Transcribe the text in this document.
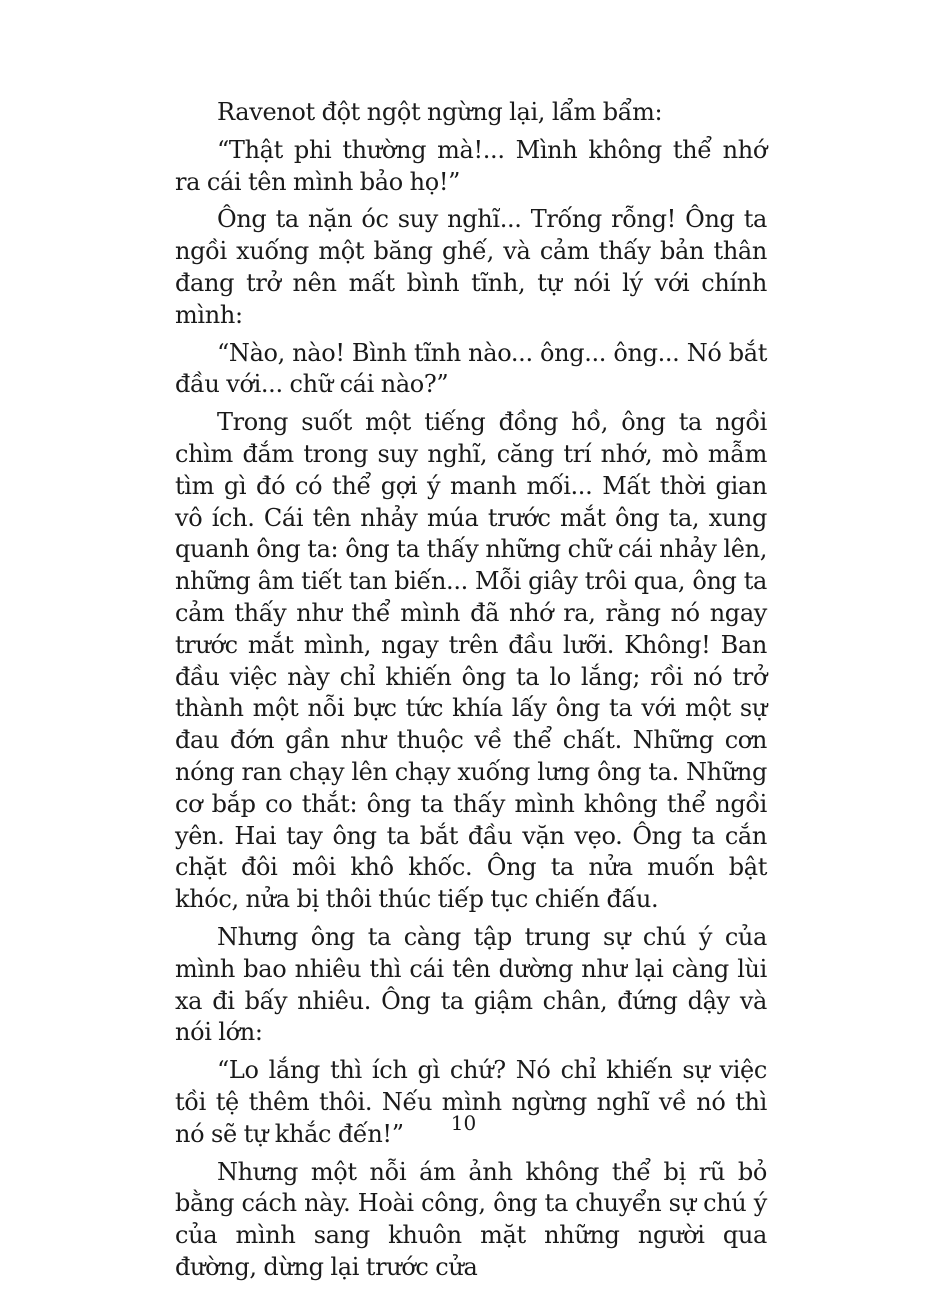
Ravenot đột ngột ngừng lại, lẩm bẩm:

“Thật phi thường mà!... Mình không thể nhớ ra cái tên mình bảo họ!”

Ông ta nặn óc suy nghĩ... Trống rỗng! Ông ta ngồi xuống một băng ghế, và cảm thấy bản thân đang trở nên mất bình tĩnh, tự nói lý với chính mình:

“Nào, nào! Bình tĩnh nào... ông... ông... Nó bắt đầu với... chữ cái nào?”

Trong suốt một tiếng đồng hồ, ông ta ngồi chìm đắm trong suy nghĩ, căng trí nhớ, mò mẫm tìm gì đó có thể gợi ý manh mối... Mất thời gian vô ích. Cái tên nhảy múa trước mắt ông ta, xung quanh ông ta: ông ta thấy những chữ cái nhảy lên, những âm tiết tan biến... Mỗi giây trôi qua, ông ta cảm thấy như thể mình đã nhớ ra, rằng nó ngay trước mắt mình, ngay trên đầu lưỡi. Không! Ban đầu việc này chỉ khiến ông ta lo lắng; rồi nó trở thành một nỗi bực tức khía lấy ông ta với một sự đau đớn gần như thuộc về thể chất. Những cơn nóng ran chạy lên chạy xuống lưng ông ta. Những cơ bắp co thắt: ông ta thấy mình không thể ngồi yên. Hai tay ông ta bắt đầu vặn vẹo. Ông ta cắn chặt đôi môi khô khốc. Ông ta nửa muốn bật khóc, nửa bị thôi thúc tiếp tục chiến đấu.

Nhưng ông ta càng tập trung sự chú ý của mình bao nhiêu thì cái tên dường như lại càng lùi xa đi bấy nhiêu. Ông ta giậm chân, đứng dậy và nói lớn:

“Lo lắng thì ích gì chứ? Nó chỉ khiến sự việc tồi tệ thêm thôi. Nếu mình ngừng nghĩ về nó thì nó sẽ tự khắc đến!”

Nhưng một nỗi ám ảnh không thể bị rũ bỏ bằng cách này. Hoài công, ông ta chuyển sự chú ý của mình sang khuôn mặt những người qua đường, dừng lại trước cửa

10
